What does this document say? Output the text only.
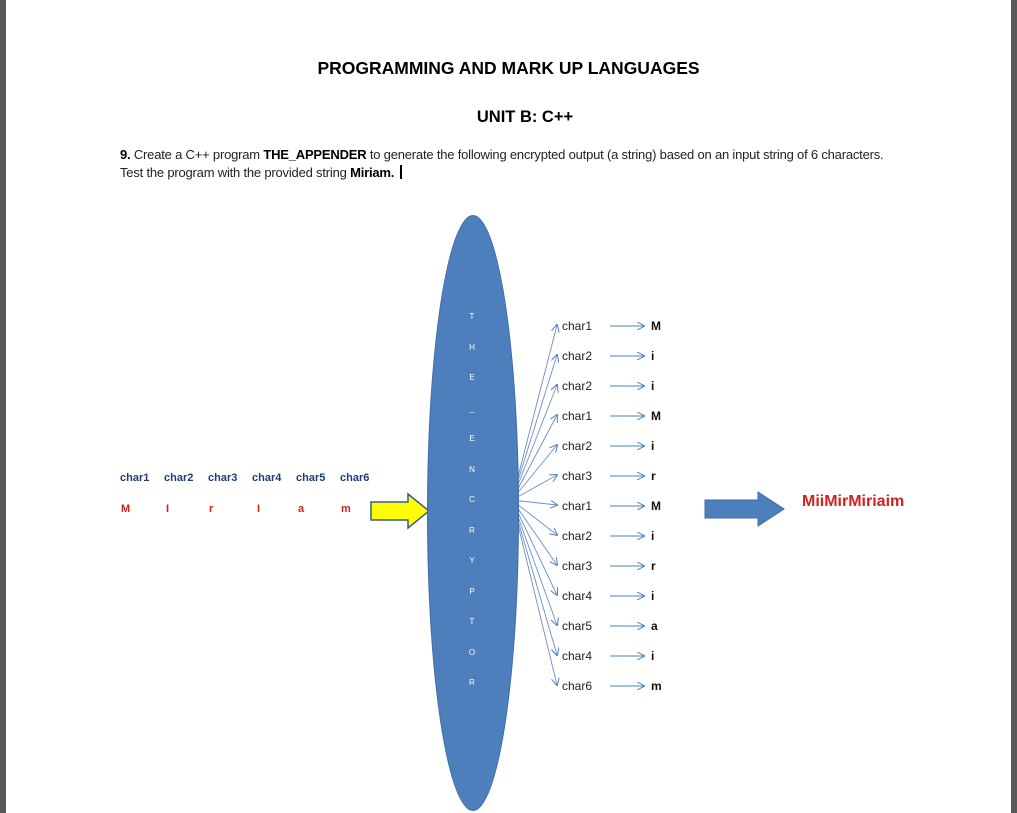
PROGRAMMING AND MARK UP LANGUAGES
UNIT B: C++
9. Create a C++ program THE_APPENDER to generate the following encrypted output (a string) based on an input string of 6 characters. Test the program with the provided string Miriam.
T
H
E
_
E
N
C
R
Y
P
T
O
R
char1 char2 char3 char4 char5 char6
M	I	r	I	a	m
char1	M
char2	i
char2	i
char1	M
char2	i
char3	r
char1	M
char2	i
char3	r
char4	i
char5	a
char4	i
char6	m
MiiMirMiriaim
